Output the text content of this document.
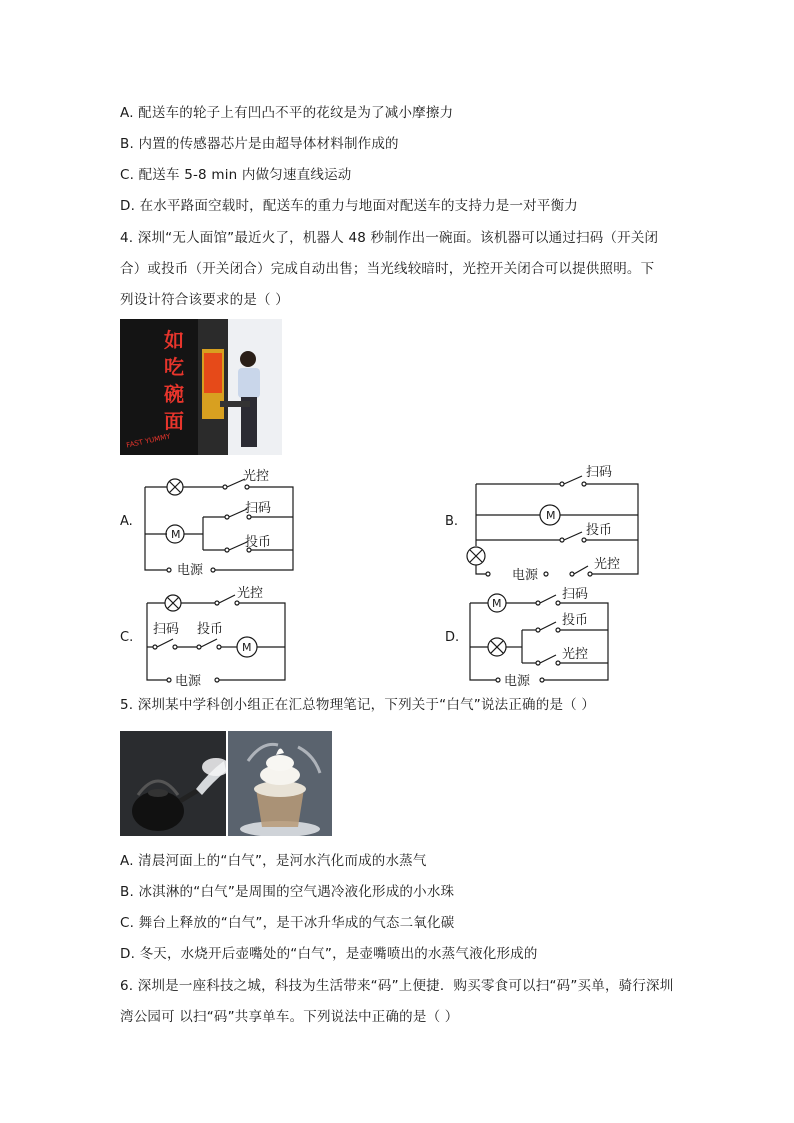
A. 配送车的轮子上有凹凸不平的花纹是为了减小摩擦力
B. 内置的传感器芯片是由超导体材料制作成的
C. 配送车 5-8 min 内做匀速直线运动
D. 在水平路面空载时，配送车的重力与地面对配送车的支持力是一对平衡力
4. 深圳“无人面馆”最近火了，机器人 48 秒制作出一碗面。该机器可以通过扫码（开关闭
合）或投币（开关闭合）完成自动出售；当光线较暗时，光控开关闭合可以提供照明。下
列设计符合该要求的是（ ）
如
吃
碗
面
FAST YUMMY
A.
M
光控
扫码
投币
电源
B.	M
扫码
投币
电源
光控
C.
M
光控
扫码 投币
电源
D.
M
扫码
投币
光控
电源
5. 深圳某中学科创小组正在汇总物理笔记，下列关于“白气”说法正确的是（ ）
A. 清晨河面上的“白气”，是河水汽化而成的水蒸气
B. 冰淇淋的“白气”是周围的空气遇冷液化形成的小水珠
C. 舞台上释放的“白气”，是干冰升华成的气态二氧化碳
D. 冬天，水烧开后壶嘴处的“白气”，是壶嘴喷出的水蒸气液化形成的
6. 深圳是一座科技之城，科技为生活带来“码”上便捷．购买零食可以扫“码”买单，骑行深圳
湾公园可 以扫“码”共享单车。下列说法中正确的是（ ）
